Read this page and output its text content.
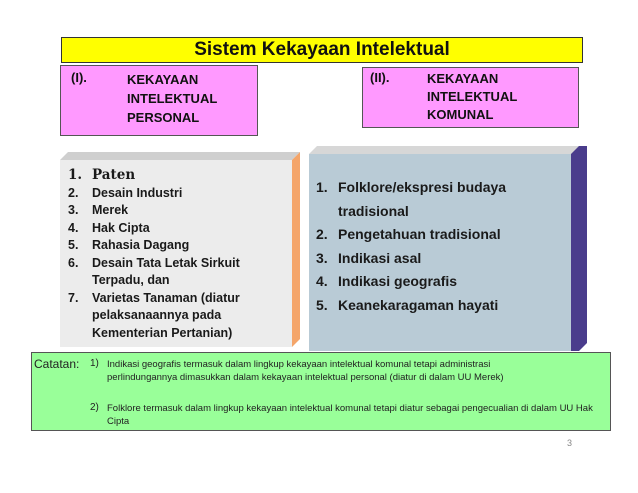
Sistem Kekayaan Intelektual
(I).	KEKAYAAN
INTELEKTUAL
PERSONAL
(II).	KEKAYAAN
INTELEKTUAL
KOMUNAL
1. Paten
2.	Desain Industri
3.	Merek
4.	Hak Cipta
5.	Rahasia Dagang
6.	Desain Tata Letak Sirkuit Terpadu, dan
7.	Varietas Tanaman (diatur pelaksanaannya pada Kementerian Pertanian)
1. Folklore/ekspresi budaya tradisional
2. Pengetahuan tradisional
3. Indikasi asal
4. Indikasi geografis
5. Keanekaragaman hayati
Catatan: 1) Indikasi geografis termasuk dalam lingkup kekayaan intelektual komunal tetapi administrasi perlindungannya dimasukkan dalam kekayaan intelektual personal (diatur di dalam UU Merek)
2) Folklore termasuk dalam lingkup kekayaan intelektual komunal tetapi diatur sebagai pengecualian di dalam UU Hak Cipta
3
